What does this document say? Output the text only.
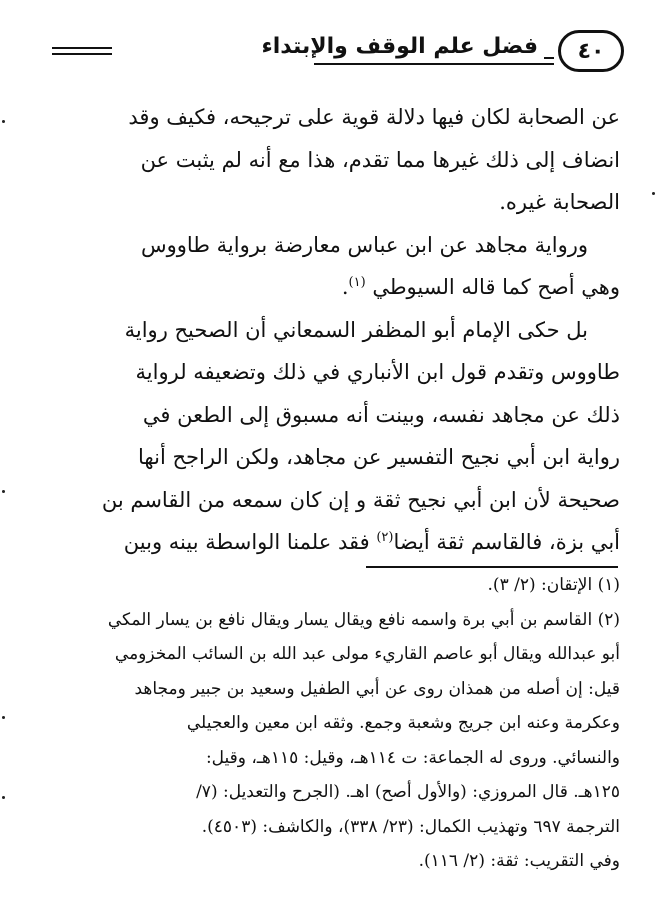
فضل علم الوقف والإبتداء	٤٠

عن الصحابة لكان فيها دلالة قوية على ترجيحه، فكيف وقد

انضاف إلى ذلك غيرها مما تقدم، هذا مع أنه لم يثبت عن

الصحابة غيره.

ورواية مجاهد عن ابن عباس معارضة برواية طاووس

وهي أصح كما قاله السيوطي $^{(١)}$.

بل حكى الإمام أبو المظفر السمعاني أن الصحيح رواية

طاووس وتقدم قول ابن الأنباري في ذلك وتضعيفه لرواية

ذلك عن مجاهد نفسه، وبينت أنه مسبوق إلى الطعن في

رواية ابن أبي نجيح التفسير عن مجاهد، ولكن الراجح أنها

صحيحة لأن ابن أبي نجيح ثقة و إن كان سمعه من القاسم بن

أبي بزة، فالقاسم ثقة أيضا$^{(٢)}$ فقد علمنا الواسطة بينه وبين

(١) الإتقان: (٢/ ٣).

(٢) القاسم بن أبي برة واسمه نافع ويقال يسار ويقال نافع بن يسار المكي

أبو عبدالله ويقال أبو عاصم القاريء مولى عبد الله بن السائب المخزومي

قيل: إن أصله من همذان روى عن أبي الطفيل وسعيد بن جبير ومجاهد

وعكرمة وعنه ابن جريج وشعبة وجمع. وثقه ابن معين والعجيلي

والنسائي. وروى له الجماعة: ت ١١٤هـ، وقيل: ١١٥هـ، وقيل:

١٢٥هـ. قال المروزي: (والأول أصح) اهـ. (الجرح والتعديل: (٧/

الترجمة ٦٩٧ وتهذيب الكمال: (٢٣/ ٣٣٨)، والكاشف: (٤٥٠٣).

وفي التقريب: ثقة: (٢/ ١١٦).
